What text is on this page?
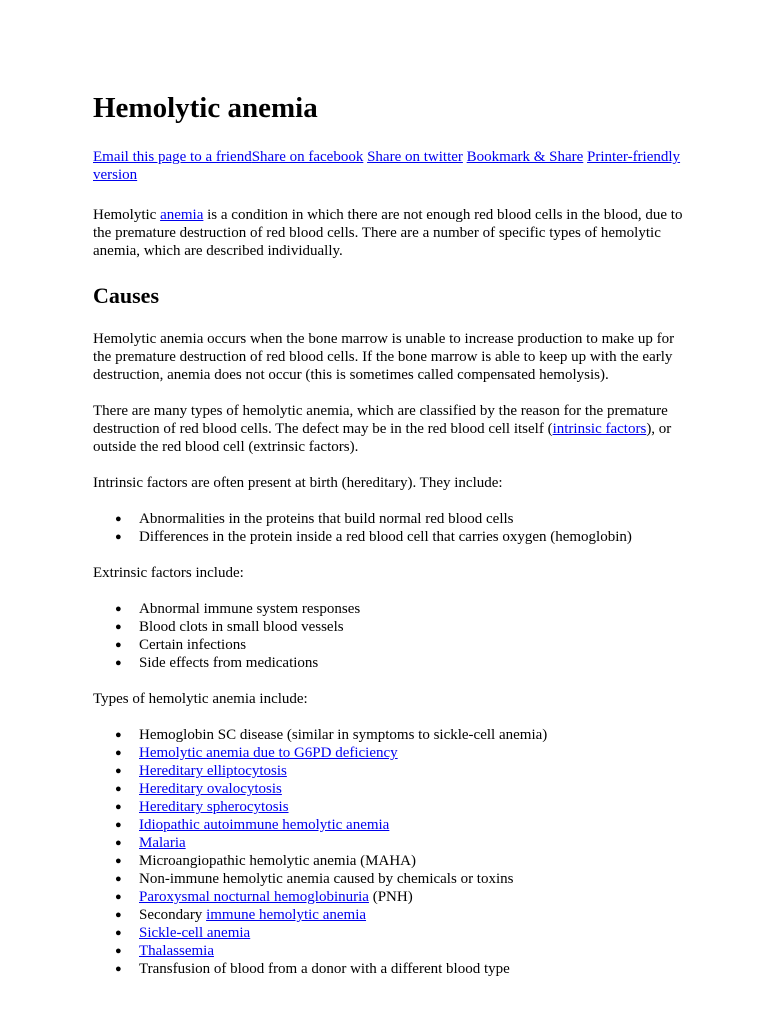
Hemolytic anemia

Email this page to a friendShare on facebook Share on twitter Bookmark & Share Printer-friendly version

Hemolytic anemia is a condition in which there are not enough red blood cells in the blood, due to the premature destruction of red blood cells. There are a number of specific types of hemolytic anemia, which are described individually.

Causes

Hemolytic anemia occurs when the bone marrow is unable to increase production to make up for the premature destruction of red blood cells. If the bone marrow is able to keep up with the early destruction, anemia does not occur (this is sometimes called compensated hemolysis).

There are many types of hemolytic anemia, which are classified by the reason for the premature destruction of red blood cells. The defect may be in the red blood cell itself (intrinsic factors), or outside the red blood cell (extrinsic factors).

Intrinsic factors are often present at birth (hereditary). They include:

● Abnormalities in the proteins that build normal red blood cells
● Differences in the protein inside a red blood cell that carries oxygen (hemoglobin)

Extrinsic factors include:

● Abnormal immune system responses
● Blood clots in small blood vessels
● Certain infections
● Side effects from medications

Types of hemolytic anemia include:

● Hemoglobin SC disease (similar in symptoms to sickle-cell anemia)
● Hemolytic anemia due to G6PD deficiency
● Hereditary elliptocytosis
● Hereditary ovalocytosis
● Hereditary spherocytosis
● Idiopathic autoimmune hemolytic anemia
● Malaria
● Microangiopathic hemolytic anemia (MAHA)
● Non-immune hemolytic anemia caused by chemicals or toxins
● Paroxysmal nocturnal hemoglobinuria (PNH)
● Secondary immune hemolytic anemia
● Sickle-cell anemia
● Thalassemia
● Transfusion of blood from a donor with a different blood type
